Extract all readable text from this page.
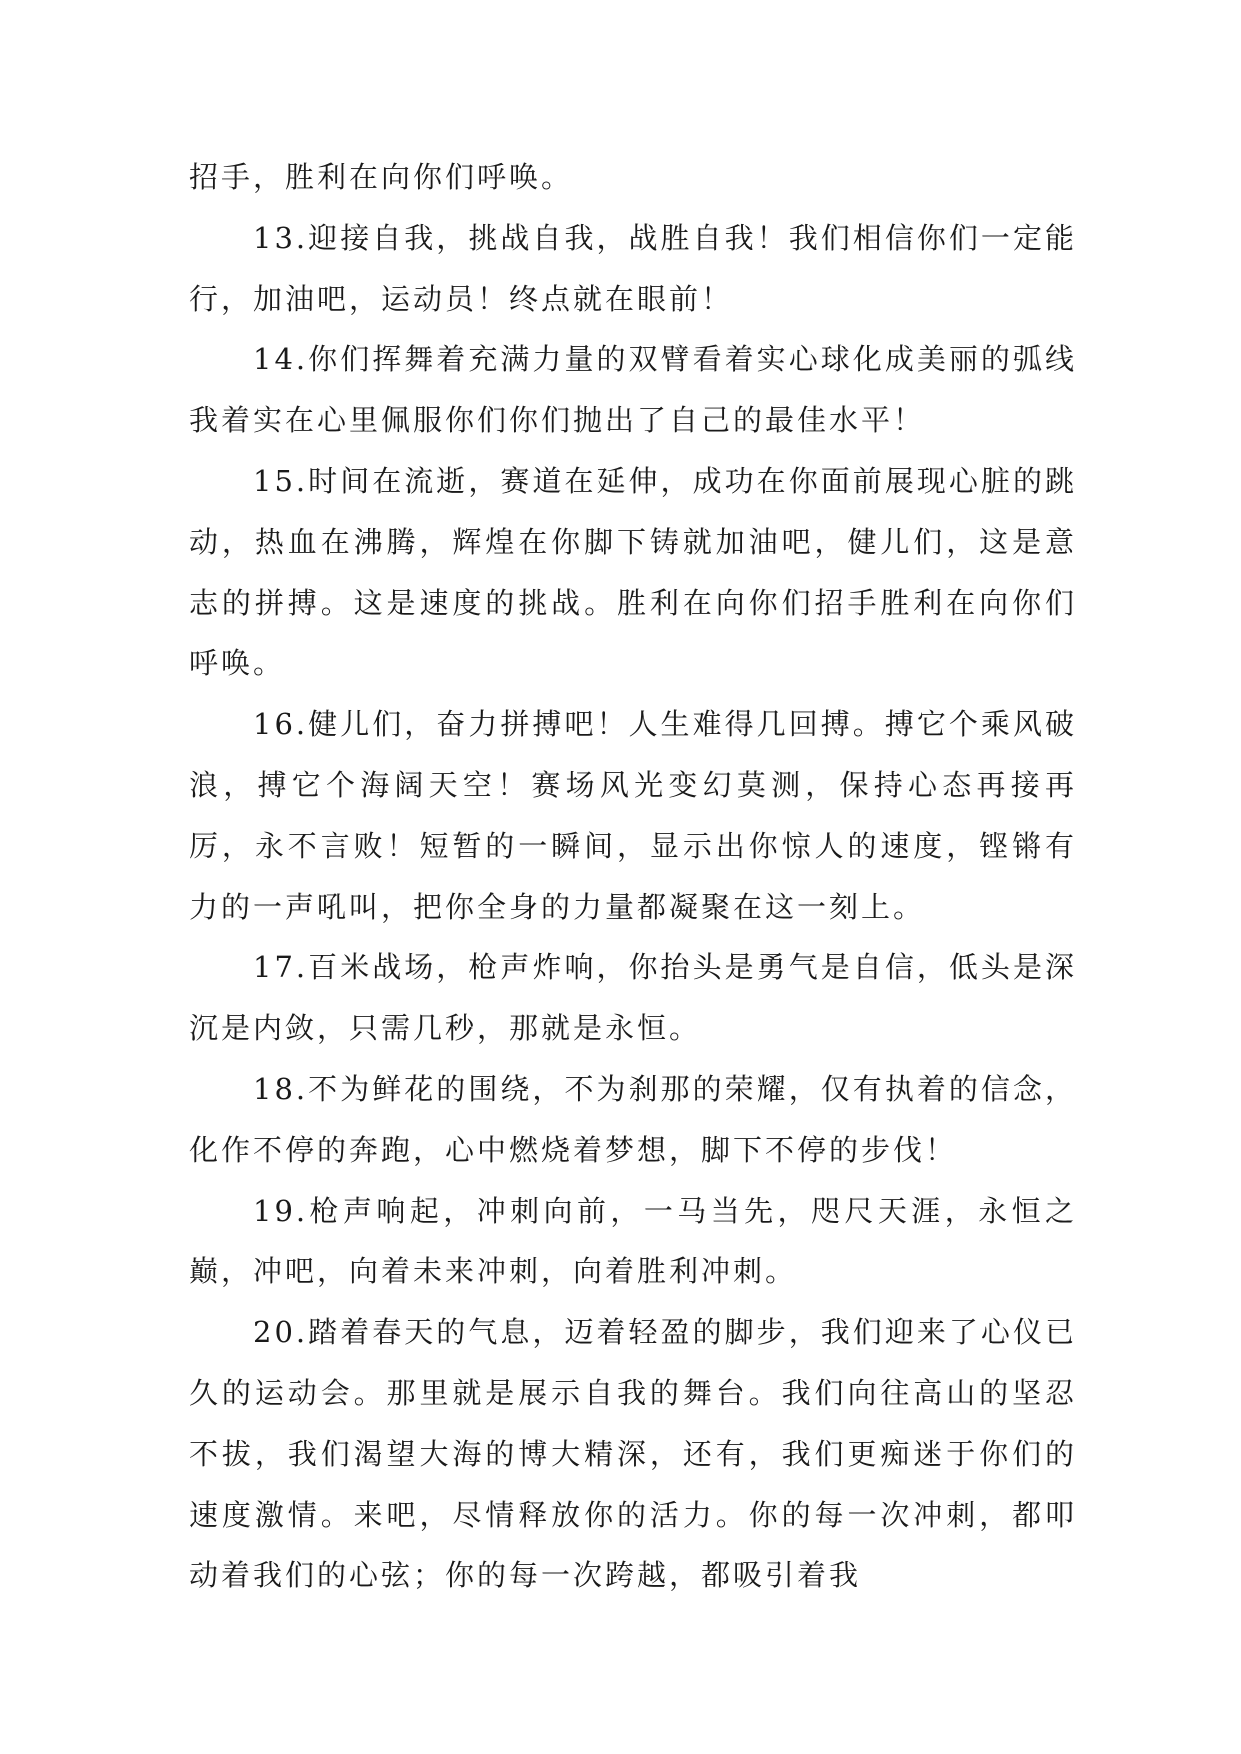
招手，胜利在向你们呼唤。

13.迎接自我，挑战自我，战胜自我！我们相信你们一定能行，加油吧，运动员！终点就在眼前！

14.你们挥舞着充满力量的双臂看着实心球化成美丽的弧线我着实在心里佩服你们你们抛出了自己的最佳水平！

15.时间在流逝，赛道在延伸，成功在你面前展现心脏的跳动，热血在沸腾，辉煌在你脚下铸就加油吧，健儿们，这是意志的拼搏。这是速度的挑战。胜利在向你们招手胜利在向你们呼唤。

16.健儿们，奋力拼搏吧！人生难得几回搏。搏它个乘风破浪，搏它个海阔天空！赛场风光变幻莫测，保持心态再接再厉，永不言败！短暂的一瞬间，显示出你惊人的速度，铿锵有力的一声吼叫，把你全身的力量都凝聚在这一刻上。

17.百米战场，枪声炸响，你抬头是勇气是自信，低头是深沉是内敛，只需几秒，那就是永恒。

18.不为鲜花的围绕，不为刹那的荣耀，仅有执着的信念，化作不停的奔跑，心中燃烧着梦想，脚下不停的步伐！

19.枪声响起，冲刺向前，一马当先，咫尺天涯，永恒之巅，冲吧，向着未来冲刺，向着胜利冲刺。

20.踏着春天的气息，迈着轻盈的脚步，我们迎来了心仪已久的运动会。那里就是展示自我的舞台。我们向往高山的坚忍不拔，我们渴望大海的博大精深，还有，我们更痴迷于你们的速度激情。来吧，尽情释放你的活力。你的每一次冲刺，都叩动着我们的心弦；你的每一次跨越，都吸引着我
